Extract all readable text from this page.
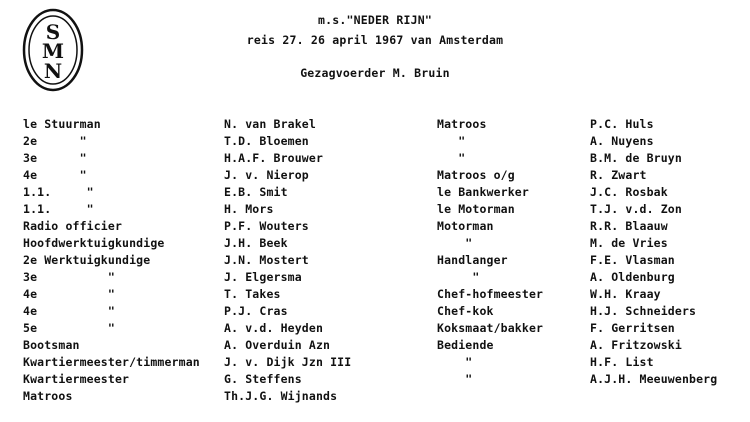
S
M
N
m.s."NEDER RIJN"
reis 27. 26 april 1967 van Amsterdam
Gezagvoerder M. Bruin
le Stuurman
2e      "
3e      "
4e      "
1.1.     "
1.1.     "
Radio officier
Hoofdwerktuigkundige
2e Werktuigkundige
3e          "
4e          "
4e          "
5e          "
Bootsman
Kwartiermeester/timmerman
Kwartiermeester
Matroos
N. van Brakel
T.D. Bloemen
H.A.F. Brouwer
J. v. Nierop
E.B. Smit
H. Mors
P.F. Wouters
J.H. Beek
J.N. Mostert
J. Elgersma
T. Takes
P.J. Cras
A. v.d. Heyden
A. Overduin Azn
J. v. Dijk Jzn III
G. Steffens
Th.J.G. Wijnands
Matroos
"
"
Matroos o/g
le Bankwerker
le Motorman
Motorman
"
Handlanger
"
Chef-hofmeester
Chef-kok
Koksmaat/bakker
Bediende
"
"
P.C. Huls
A. Nuyens
B.M. de Bruyn
R. Zwart
J.C. Rosbak
T.J. v.d. Zon
R.R. Blaauw
M. de Vries
F.E. Vlasman
A. Oldenburg
W.H. Kraay
H.J. Schneiders
F. Gerritsen
A. Fritzowski
H.F. List
A.J.H. Meeuwenberg
